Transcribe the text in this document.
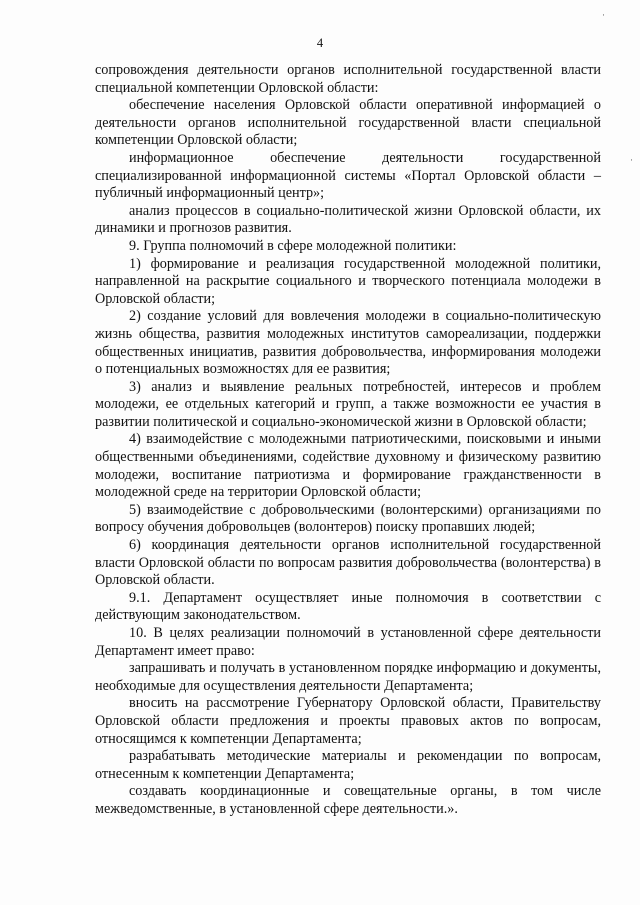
·
·
4

сопровождения деятельности органов исполнительной государственной власти специальной компетенции Орловской области:

обеспечение населения Орловской области оперативной информацией о деятельности органов исполнительной государственной власти специальной компетенции Орловской области;

информационное обеспечение деятельности государственной специализированной информационной системы «Портал Орловской области – публичный информационный центр»;

анализ процессов в социально-политической жизни Орловской области, их динамики и прогнозов развития.

9. Группа полномочий в сфере молодежной политики:

1) формирование и реализация государственной молодежной политики, направленной на раскрытие социального и творческого потенциала молодежи в Орловской области;

2) создание условий для вовлечения молодежи в социально-политическую жизнь общества, развития молодежных институтов самореализации, поддержки общественных инициатив, развития добровольчества, информирования молодежи о потенциальных возможностях для ее развития;

3) анализ и выявление реальных потребностей, интересов и проблем молодежи, ее отдельных категорий и групп, а также возможности ее участия в развитии политической и социально-экономической жизни в Орловской области;

4) взаимодействие с молодежными патриотическими, поисковыми и иными общественными объединениями, содействие духовному и физическому развитию молодежи, воспитание патриотизма и формирование гражданственности в молодежной среде на территории Орловской области;

5) взаимодействие с добровольческими (волонтерскими) организациями по вопросу обучения добровольцев (волонтеров) поиску пропавших людей;

6) координация деятельности органов исполнительной государственной власти Орловской области по вопросам развития добровольчества (волонтерства) в Орловской области.

9.1. Департамент осуществляет иные полномочия в соответствии с действующим законодательством.

10. В целях реализации полномочий в установленной сфере деятельности Департамент имеет право:

запрашивать и получать в установленном порядке информацию и документы, необходимые для осуществления деятельности Департамента;

вносить на рассмотрение Губернатору Орловской области, Правительству Орловской области предложения и проекты правовых актов по вопросам, относящимся к компетенции Департамента;

разрабатывать методические материалы и рекомендации по вопросам, отнесенным к компетенции Департамента;

создавать координационные и совещательные органы, в том числе межведомственные, в установленной сфере деятельности.».
